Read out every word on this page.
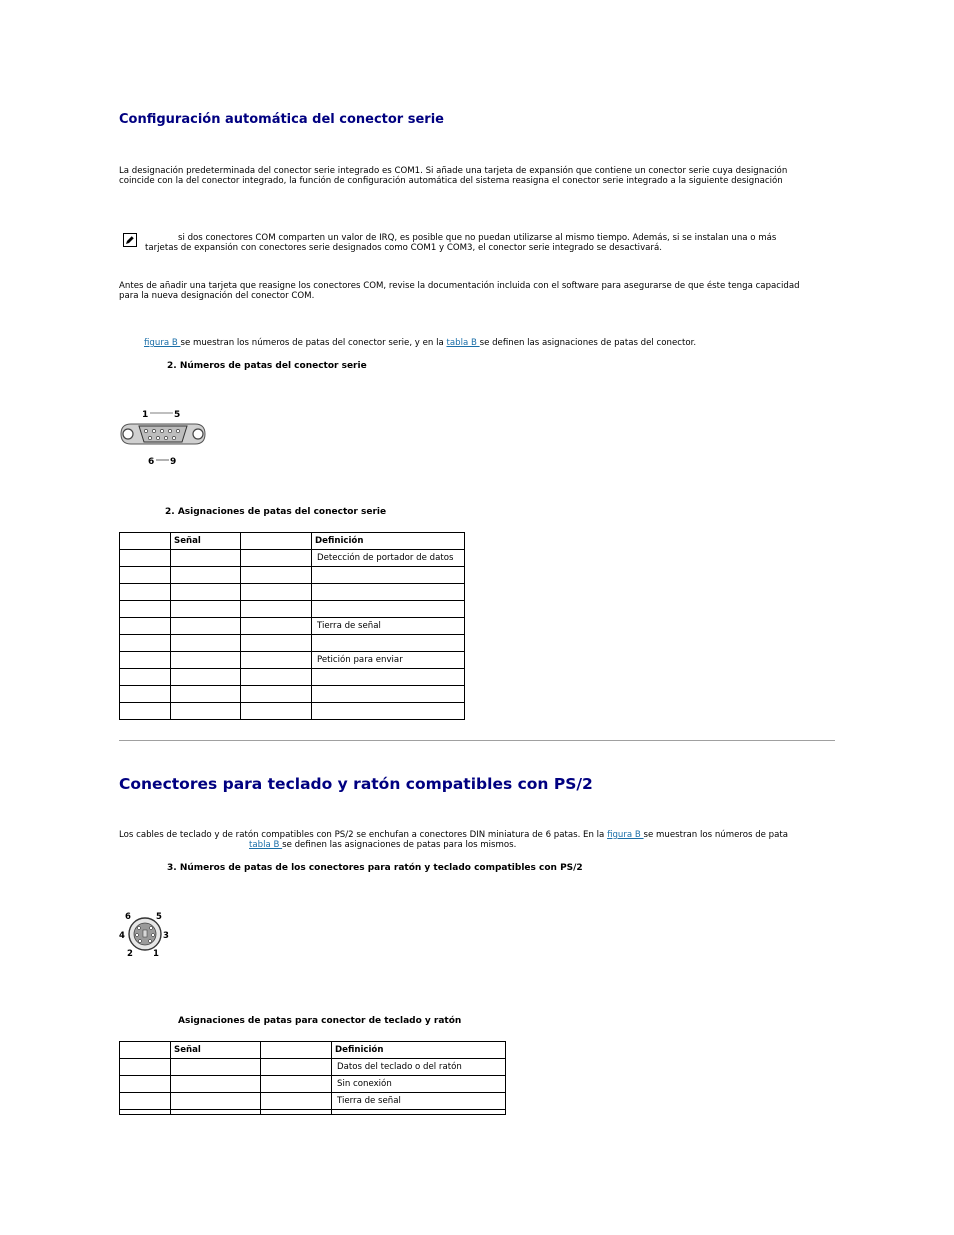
Configuración automática del conector serie
La designación predeterminada del conector serie integrado es COM1. Si añade una tarjeta de expansión que contiene un conector serie cuya designación
coincide con la del conector integrado, la función de configuración automática del sistema reasigna el conector serie integrado a la siguiente designación
si dos conectores COM comparten un valor de IRQ, es posible que no puedan utilizarse al mismo tiempo. Además, si se instalan una o más
tarjetas de expansión con conectores serie designados como COM1 y COM3, el conector serie integrado se desactivará.
Antes de añadir una tarjeta que reasigne los conectores COM, revise la documentación incluida con el software para asegurarse de que éste tenga capacidad
para la nueva designación del conector COM.
figura B se muestran los números de patas del conector serie, y en la tabla B se definen las asignaciones de patas del conector.
2. Números de patas del conector serie
1	5
6 9
2. Asignaciones de patas del conector serie
	Señal		Definición
			Detección de portador de datos

			Tierra de señal

			Petición para enviar

Conectores para teclado y ratón compatibles con PS/2
Los cables de teclado y de ratón compatibles con PS/2 se enchufan a conectores DIN miniatura de 6 patas. En la figura B se muestran los números de pata
tabla B se definen las asignaciones de patas para los mismos.
3. Números de patas de los conectores para ratón y teclado compatibles con PS/2
6	5
4	3
2 1
Asignaciones de patas para conector de teclado y ratón
	Señal		Definición
			Datos del teclado o del ratón
			Sin conexión
			Tierra de señal
